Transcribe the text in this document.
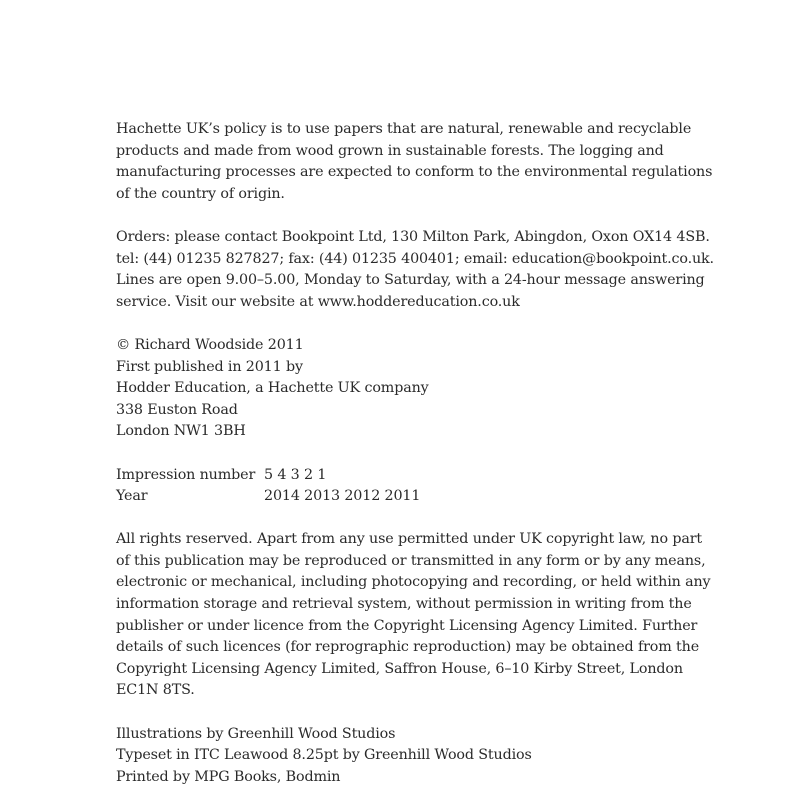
Hachette UK’s policy is to use papers that are natural, renewable and recyclable
products and made from wood grown in sustainable forests. The logging and
manufacturing processes are expected to conform to the environmental regulations
of the country of origin.
Orders: please contact Bookpoint Ltd, 130 Milton Park, Abingdon, Oxon OX14 4SB.
tel: (44) 01235 827827; fax: (44) 01235 400401; email: education@bookpoint.co.uk.
Lines are open 9.00–5.00, Monday to Saturday, with a 24-hour message answering
service. Visit our website at www.hoddereducation.co.uk
© Richard Woodside 2011
First published in 2011 by
Hodder Education, a Hachette UK company
338 Euston Road
London NW1 3BH
Impression number 5 4 3 2 1
Year	2014 2013 2012 2011
All rights reserved. Apart from any use permitted under UK copyright law, no part
of this publication may be reproduced or transmitted in any form or by any means,
electronic or mechanical, including photocopying and recording, or held within any
information storage and retrieval system, without permission in writing from the
publisher or under licence from the Copyright Licensing Agency Limited. Further
details of such licences (for reprographic reproduction) may be obtained from the
Copyright Licensing Agency Limited, Saffron House, 6–10 Kirby Street, London
EC1N 8TS.
Illustrations by Greenhill Wood Studios
Typeset in ITC Leawood 8.25pt by Greenhill Wood Studios
Printed by MPG Books, Bodmin
